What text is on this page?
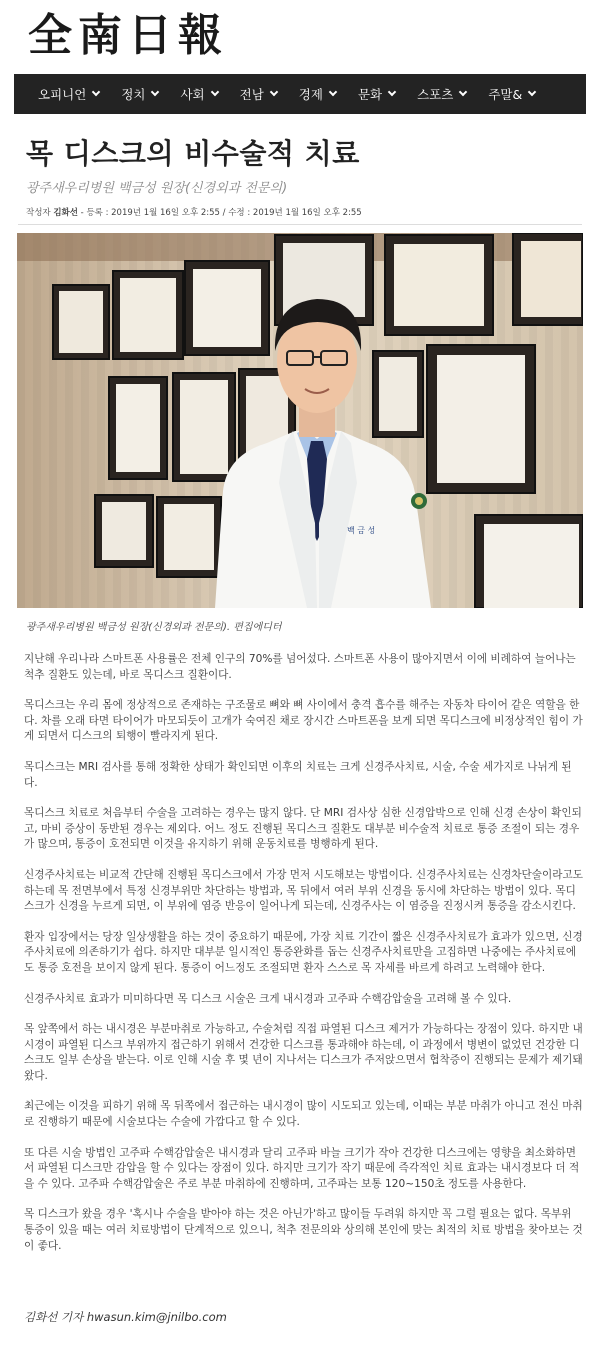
全南日報
오피니언	정치	사회	전남	경제	문화	스포츠	주말&
목 디스크의 비수술적 치료
광주새우리병원 백금성 원장(신경외과 전문의)
작성자 김화선 - 등록 : 2019년 1월 16일 오후 2:55 / 수정 : 2019년 1월 16일 오후 2:55
백 금 성
광주새우리병원 백금성 원장(신경외과 전문의). 편집에디터

지난해 우리나라 스마트폰 사용률은 전체 인구의 70%를 넘어섰다. 스마트폰 사용이 많아지면서 이에 비례하여 늘어나는 척추 질환도 있는데, 바로 목디스크 질환이다.

목디스크는 우리 몸에 정상적으로 존재하는 구조물로 뼈와 뼈 사이에서 충격 흡수를 해주는 자동차 타이어 같은 역할을 한다. 차를 오래 타면 타이어가 마모되듯이 고개가 숙여진 채로 장시간 스마트폰을 보게 되면 목디스크에 비정상적인 힘이 가게 되면서 디스크의 퇴행이 빨라지게 된다.

목디스크는 MRI 검사를 통해 정확한 상태가 확인되면 이후의 치료는 크게 신경주사치료, 시술, 수술 세가지로 나뉘게 된다.

목디스크 치료로 처음부터 수술을 고려하는 경우는 많지 않다. 단 MRI 검사상 심한 신경압박으로 인해 신경 손상이 확인되고, 마비 증상이 동반된 경우는 제외다. 어느 정도 진행된 목디스크 질환도 대부분 비수술적 치료로 통증 조절이 되는 경우가 많으며, 통증이 호전되면 이것을 유지하기 위해 운동치료를 병행하게 된다.

신경주사치료는 비교적 간단해 진행된 목디스크에서 가장 먼저 시도해보는 방법이다. 신경주사치료는 신경차단술이라고도 하는데 목 전면부에서 특정 신경부위만 차단하는 방법과, 목 뒤에서 여러 부위 신경을 동시에 차단하는 방법이 있다. 목디스크가 신경을 누르게 되면, 이 부위에 염증 반응이 일어나게 되는데, 신경주사는 이 염증을 진정시켜 통증을 감소시킨다.

환자 입장에서는 당장 일상생활을 하는 것이 중요하기 때문에, 가장 치료 기간이 짧은 신경주사치료가 효과가 있으면, 신경주사치료에 의존하기가 쉽다. 하지만 대부분 일시적인 통증완화를 돕는 신경주사치료만을 고집하면 나중에는 주사치료에도 통증 호전을 보이지 않게 된다. 통증이 어느정도 조절되면 환자 스스로 목 자세를 바르게 하려고 노력해야 한다.

신경주사치료 효과가 미미하다면 목 디스크 시술은 크게 내시경과 고주파 수핵감압술을 고려해 볼 수 있다.

목 앞쪽에서 하는 내시경은 부분마취로 가능하고, 수술처럼 직접 파열된 디스크 제거가 가능하다는 장점이 있다. 하지만 내시경이 파열된 디스크 부위까지 접근하기 위해서 건강한 디스크를 통과해야 하는데, 이 과정에서 병변이 없었던 건강한 디스크도 일부 손상을 받는다. 이로 인해 시술 후 몇 년이 지나서는 디스크가 주저앉으면서 협착증이 진행되는 문제가 제기돼 왔다.

최근에는 이것을 피하기 위해 목 뒤쪽에서 접근하는 내시경이 많이 시도되고 있는데, 이때는 부분 마취가 아니고 전신 마취로 진행하기 때문에 시술보다는 수술에 가깝다고 할 수 있다.

또 다른 시술 방법인 고주파 수핵감압술은 내시경과 달리 고주파 바늘 크기가 작아 건강한 디스크에는 영향을 최소화하면서 파열된 디스크만 감압을 할 수 있다는 장점이 있다. 하지만 크기가 작기 때문에 즉각적인 치료 효과는 내시경보다 더 적을 수 있다. 고주파 수핵감압술은 주로 부분 마취하에 진행하며, 고주파는 보통 120~150초 정도를 사용한다.

목 디스크가 왔을 경우 '혹시나 수술을 받아야 하는 것은 아닌가'하고 많이들 두려워 하지만 꼭 그럴 필요는 없다. 목부위 통증이 있을 때는 여러 치료방법이 단계적으로 있으니, 척추 전문의와 상의해 본인에 맞는 최적의 치료 방법을 찾아보는 것이 좋다.

김화선 기자 hwasun.kim@jnilbo.com
